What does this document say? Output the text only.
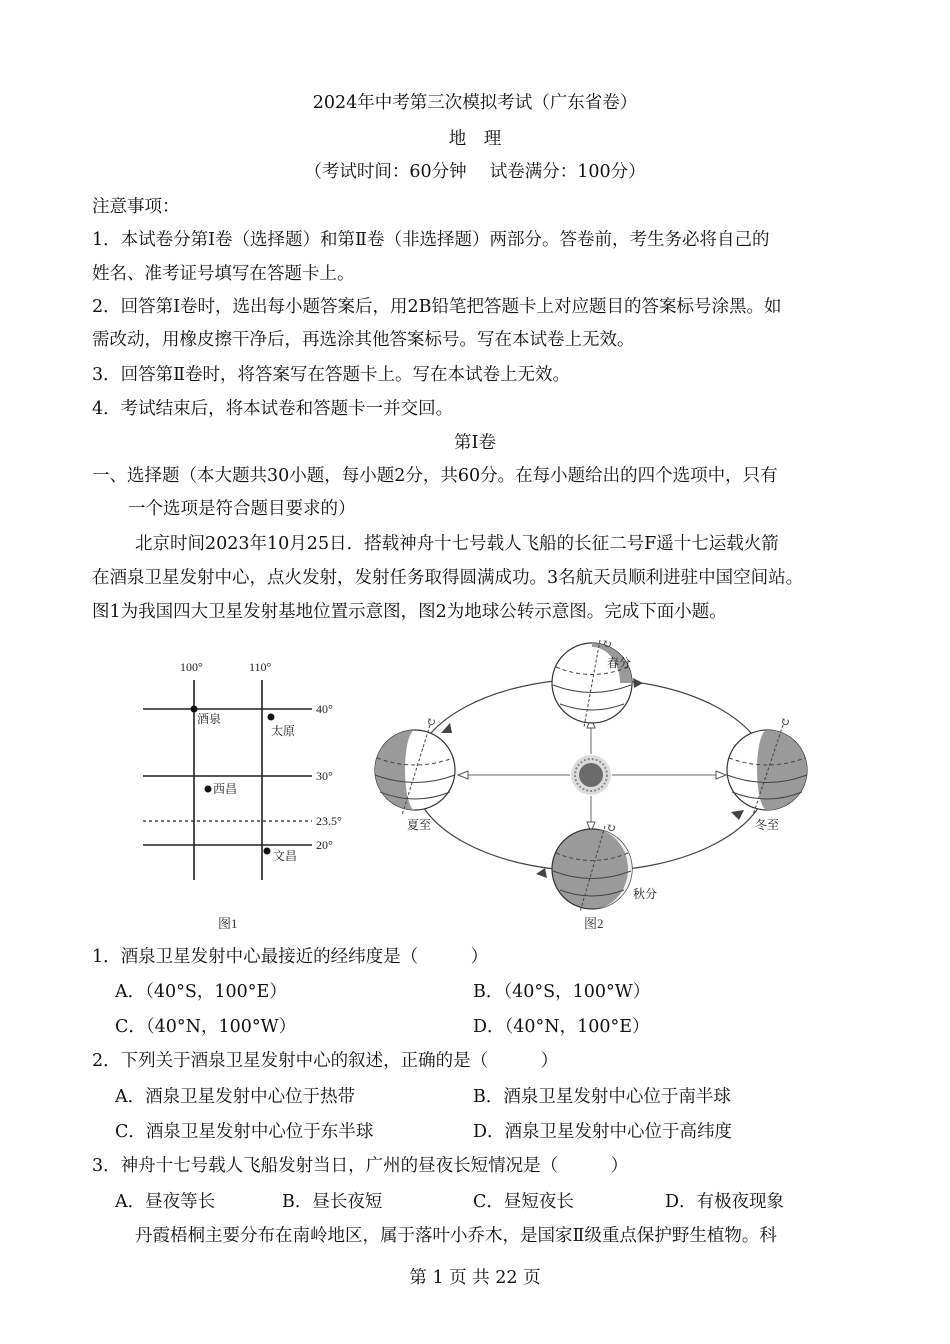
2024年中考第三次模拟考试（广东省卷）
地　理
（考试时间：60分钟　 试卷满分：100分）
注意事项：
1．本试卷分第Ⅰ卷（选择题）和第Ⅱ卷（非选择题）两部分。答卷前，考生务必将自己的
姓名、准考证号填写在答题卡上。
2．回答第Ⅰ卷时，选出每小题答案后，用2B铅笔把答题卡上对应题目的答案标号涂黑。如
需改动，用橡皮擦干净后，再选涂其他答案标号。写在本试卷上无效。
3．回答第Ⅱ卷时，将答案写在答题卡上。写在本试卷上无效。
4．考试结束后，将本试卷和答题卡一并交回。
第Ⅰ卷
一、选择题（本大题共30小题，每小题2分，共60分。在每小题给出的四个选项中，只有
一个选项是符合题目要求的）
北京时间2023年10月25日．搭载神舟十七号载人飞船的长征二号F遥十七运载火箭
在酒泉卫星发射中心，点火发射，发射任务取得圆满成功。3名航天员顺利进驻中国空间站。
图1为我国四大卫星发射基地位置示意图，图2为地球公转示意图。完成下面小题。
100°	110°
40°
30°
23.5°
20°
酒泉
太原
西昌
文昌
图1
↻
春分
↻
夏至
↻
冬至
↻
秋分
图2
1．酒泉卫星发射中心最接近的经纬度是（　　　）
A．（40°S，100°E）	B．（40°S，100°W）
C．（40°N，100°W）	D．（40°N，100°E）
2．下列关于酒泉卫星发射中心的叙述，正确的是（　　　）
A．酒泉卫星发射中心位于热带	B．酒泉卫星发射中心位于南半球
C．酒泉卫星发射中心位于东半球	D．酒泉卫星发射中心位于高纬度
3．神舟十七号载人飞船发射当日，广州的昼夜长短情况是（　　　）
A．昼夜等长	B．昼长夜短	C．昼短夜长	D．有极夜现象
丹霞梧桐主要分布在南岭地区，属于落叶小乔木，是国家Ⅱ级重点保护野生植物。科
第 1 页 共 22 页
